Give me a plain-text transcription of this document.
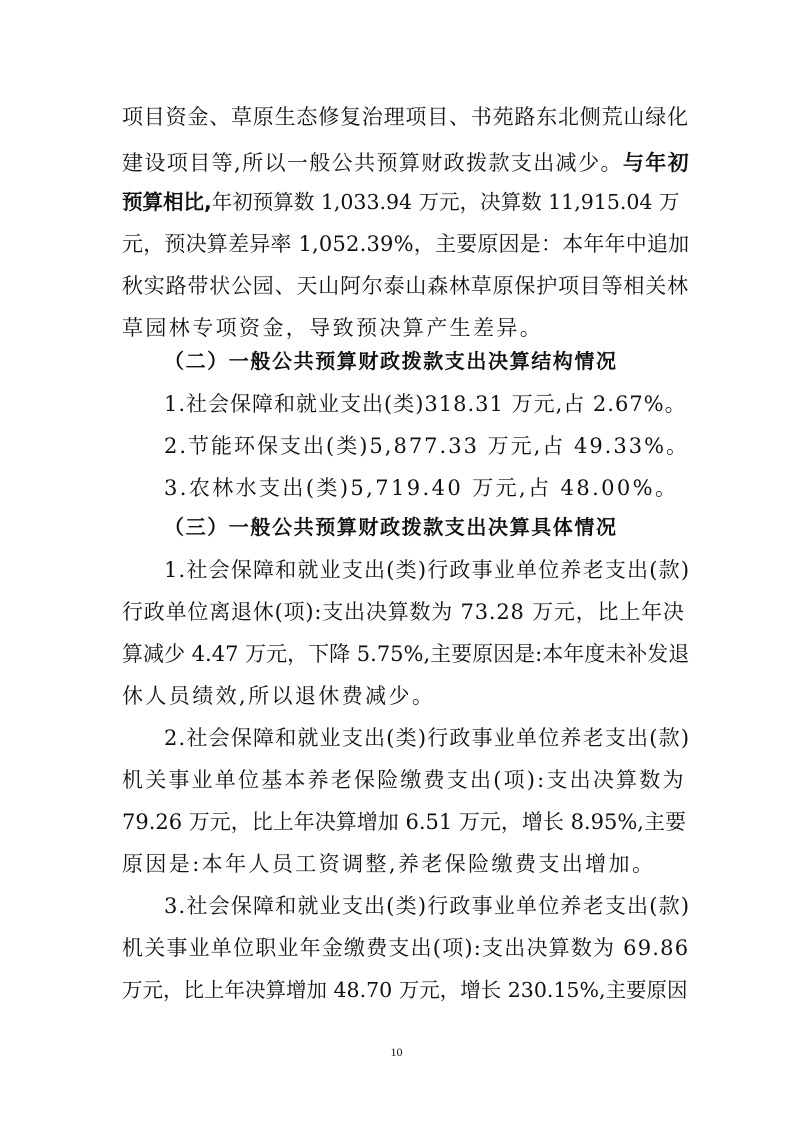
项目资金、草原生态修复治理项目、书苑路东北侧荒山绿化

建设项目等,所以一般公共预算财政拨款支出减少。与年初

预算相比,年初预算数 1,033.94 万元，决算数 11,915.04 万

元，预决算差异率 1,052.39%，主要原因是：本年年中追加

秋实路带状公园、天山阿尔泰山森林草原保护项目等相关林

草园林专项资金，导致预决算产生差异。

（二）一般公共预算财政拨款支出决算结构情况

1.社会保障和就业支出(类)318.31 万元,占 2.67%。

2.节能环保支出(类)5,877.33 万元,占 49.33%。

3.农林水支出(类)5,719.40 万元,占 48.00%。

（三）一般公共预算财政拨款支出决算具体情况

1.社会保障和就业支出(类)行政事业单位养老支出(款)

行政单位离退休(项):支出决算数为 73.28 万元，比上年决

算减少 4.47 万元，下降 5.75%,主要原因是:本年度未补发退

休人员绩效,所以退休费减少。

2.社会保障和就业支出(类)行政事业单位养老支出(款)

机关事业单位基本养老保险缴费支出(项):支出决算数为

79.26 万元，比上年决算增加 6.51 万元，增长 8.95%,主要

原因是:本年人员工资调整,养老保险缴费支出增加。

3.社会保障和就业支出(类)行政事业单位养老支出(款)

机关事业单位职业年金缴费支出(项):支出决算数为 69.86

万元，比上年决算增加 48.70 万元，增长 230.15%,主要原因

10
